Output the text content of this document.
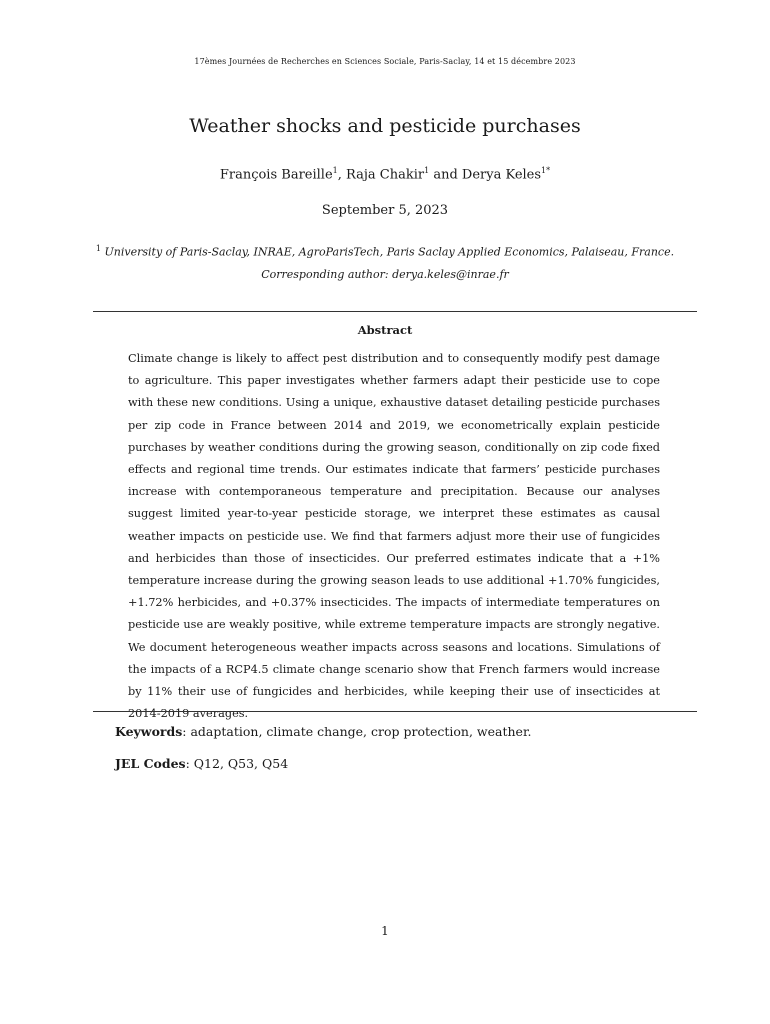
17èmes Journées de Recherches en Sciences Sociale, Paris-Saclay, 14 et 15 décembre 2023
Weather shocks and pesticide purchases
François Bareille$^1$, Raja Chakir$^1$ and Derya Keles$^{1*}$
September 5, 2023
$^1$ University of Paris-Saclay, INRAE, AgroParisTech, Paris Saclay Applied Economics, Palaiseau, France.
Corresponding author: derya.keles@inrae.fr
Abstract
Climate change is likely to affect pest distribution and to consequently modify pest damage to agriculture. This paper investigates whether farmers adapt their pesticide use to cope with these new conditions. Using a unique, exhaustive dataset detailing pesticide purchases per zip code in France between 2014 and 2019, we econometrically explain pesticide purchases by weather conditions during the growing season, conditionally on zip code fixed effects and regional time trends. Our estimates indicate that farmers’ pesticide purchases increase with contemporaneous temperature and precipitation. Because our analyses suggest limited year-to-year pesticide storage, we interpret these estimates as causal weather impacts on pesticide use. We find that farmers adjust more their use of fungicides and herbicides than those of insecticides. Our preferred estimates indicate that a +1% temperature increase during the growing season leads to use additional +1.70% fungicides, +1.72% herbicides, and +0.37% insecticides. The impacts of intermediate temperatures on pesticide use are weakly positive, while extreme temperature impacts are strongly negative. We document heterogeneous weather impacts across seasons and locations. Simulations of the impacts of a RCP4.5 climate change scenario show that French farmers would increase by 11% their use of fungicides and herbicides, while keeping their use of insecticides at 2014-2019 averages.
Keywords: adaptation, climate change, crop protection, weather.
JEL Codes: Q12, Q53, Q54
1
